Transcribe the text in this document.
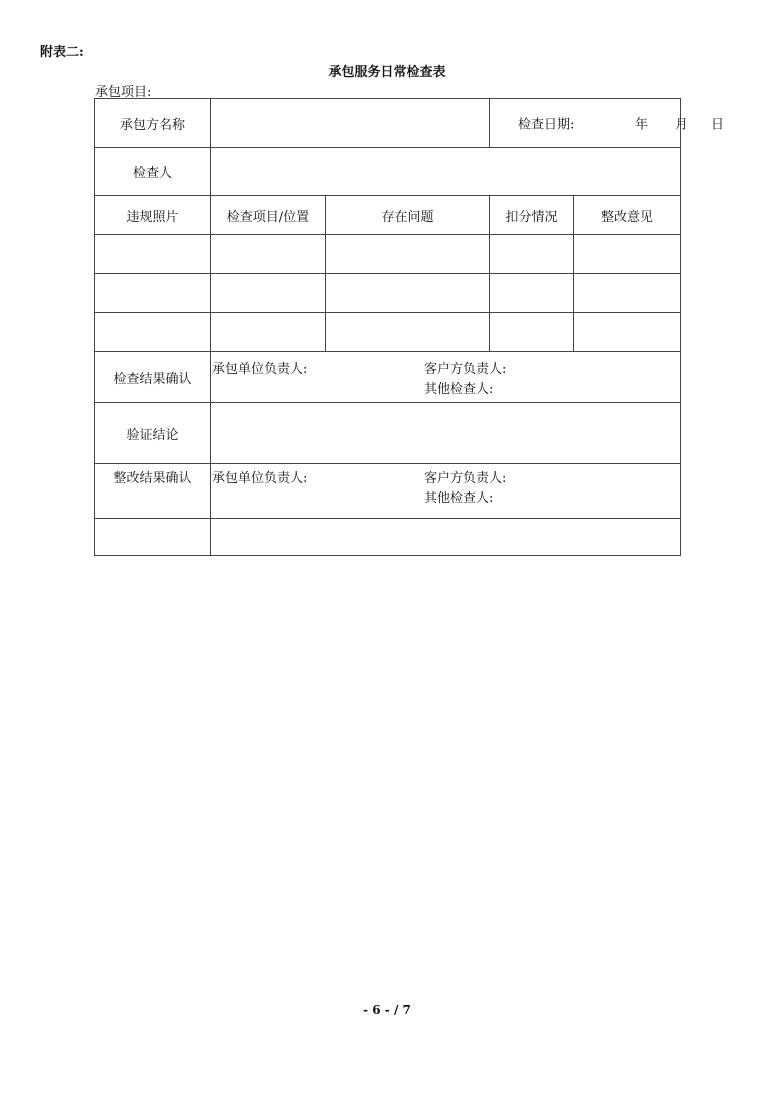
附表二:
承包服务日常检查表
承包项目:
承包方名称			检查日期: 年 月 日	

检查人				
违规照片	检查项目/位置	存在问题	扣分情况	整改意见

检查结果确认	承包单位负责人: 客户方负责人:
其他检查人:			

验证结论				
整改结果确认	承包单位负责人: 客户方负责人:
其他检查人:			

- 6 - / 7
